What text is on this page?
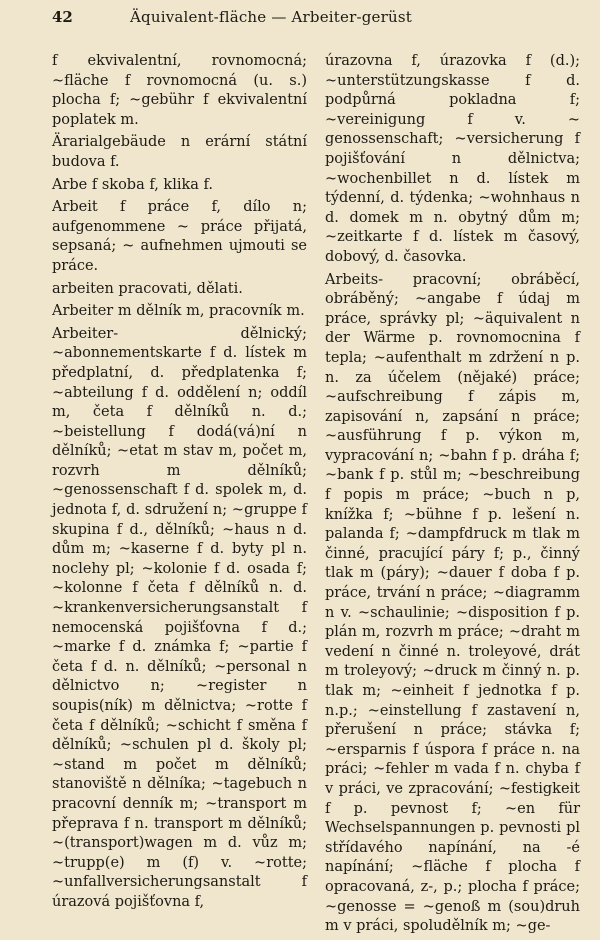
42	Äquivalent-fläche — Arbeiter-gerüst

f ekvivalentní, rovnomocná; ~fläche f rovnomocná (u. s.) plocha f; ~gebühr f ekvivalentní poplatek m.

Ärarialgebäude n erární státní budova f.

Arbe f skoba f, klika f.

Arbeit f práce f, dílo n; aufgenommene ~ práce přijatá, sepsaná; ~ aufnehmen ujmouti se práce.

arbeiten pracovati, dělati.

Arbeiter m dělník m, pracovník m.

Arbeiter- dělnický; ~abonnementskarte f d. lístek m předplatní, d. předplatenka f; ~abteilung f d. oddělení n; oddíl m, četa f dělníků n. d.; ~beistellung f dodá(vá)ní n dělníků; ~etat m stav m, počet m, rozvrh m dělníků; ~genossenschaft f d. spolek m, d. jednota f, d. sdružení n; ~gruppe f skupina f d., dělníků; ~haus n d. dům m; ~kaserne f d. byty pl n. noclehy pl; ~kolonie f d. osada f; ~kolonne f četa f dělníků n. d. ~krankenversicherungsanstalt f nemocenská pojišťovna f d.; ~marke f d. známka f; ~partie f četa f d. n. dělníků; ~personal n dělnictvo n; ~register n soupis(ník) m dělnictva; ~rotte f četa f dělníků; ~schicht f směna f dělníků; ~schulen pl d. školy pl; ~stand m počet m dělníků; stanoviště n dělníka; ~tagebuch n pracovní denník m; ~transport m přeprava f n. transport m dělníků; ~(transport)wagen m d. vůz m; ~trupp(e) m (f) v. ~rotte; ~unfallversicherungsanstalt f úrazová pojišťovna f,

úrazovna f, úrazovka f (d.); ~unterstützungskasse f d. podpůrná pokladna f; ~vereinigung f v. ~ genossenschaft; ~versicherung f pojišťování n dělnictva; ~wochenbillet n d. lístek m týdenní, d. týdenka; ~wohnhaus n d. domek m n. obytný dům m; ~zeitkarte f d. lístek m časový, dobový, d. časovka.

Arbeits- pracovní; obráběcí, obráběný; ~angabe f údaj m práce, správky pl; ~äquivalent n der Wärme p. rovnomocnina f tepla; ~aufenthalt m zdržení n p. n. za účelem (nějaké) práce; ~aufschreibung f zápis m, zapisování n, zapsání n práce; ~ausführung f p. výkon m, vypracování n; ~bahn f p. dráha f; ~bank f p. stůl m; ~beschreibung f popis m práce; ~buch n p, knížka f; ~bühne f p. lešení n. palanda f; ~dampfdruck m tlak m činné, pracující páry f; p., činný tlak m (páry); ~dauer f doba f p. práce, trvání n práce; ~diagramm n v. ~schaulinie; ~disposition f p. plán m, rozvrh m práce; ~draht m vedení n činné n. troleyové, drát m troleyový; ~druck m činný n. p. tlak m; ~einheit f jednotka f p. n.p.; ~einstellung f zastavení n, přerušení n práce; stávka f; ~ersparnis f úspora f práce n. na práci; ~fehler m vada f n. chyba f v práci, ve zpracování; ~festigkeit f p. pevnost f; ~en für Wechselspannungen p. pevnosti pl střídavého napínání, na -é napínání; ~fläche f plocha f opracovaná, z-, p.; plocha f práce; ~genosse = ~genoß m (sou)druh m v práci, spoludělník m; ~ge-
